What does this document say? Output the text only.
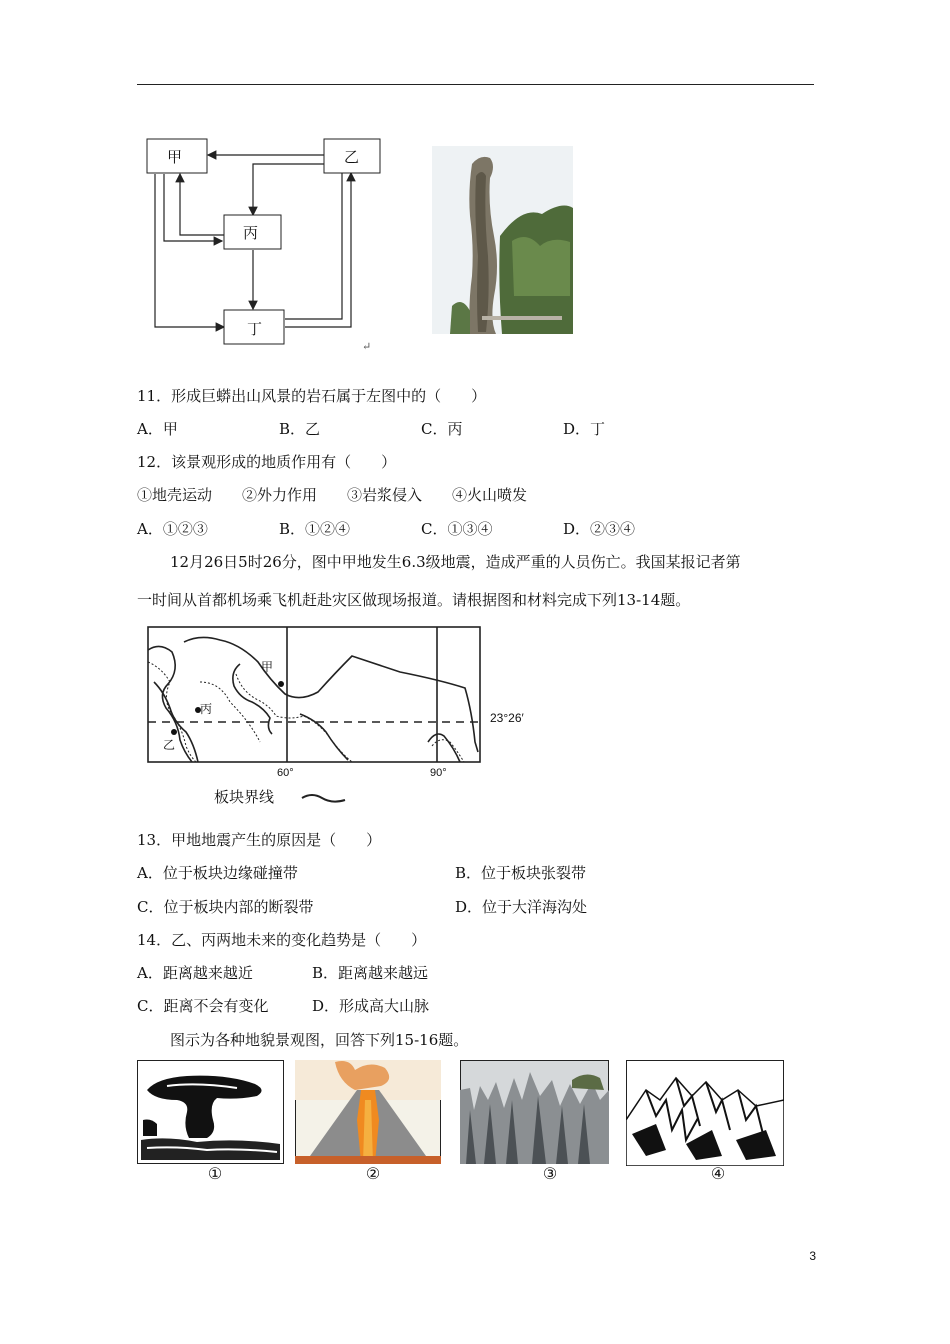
甲	乙
丙
丁
↵
11．形成巨蟒出山风景的岩石属于左图中的（　　）
A．甲	B．乙	C．丙	D．丁
12．该景观形成的地质作用有（　　）
①地壳运动　　②外力作用　　③岩浆侵入　　④火山喷发
A．①②③	B．①②④	C．①③④	D．②③④
12月26日5时26分，图中甲地发生6.3级地震，造成严重的人员伤亡。我国某报记者第
一时间从首都机场乘飞机赶赴灾区做现场报道。请根据图和材料完成下列13-14题。
甲
丙
乙
23°26′
60°	90°
板块界线
13．甲地地震产生的原因是（　　）
A．位于板块边缘碰撞带	B．位于板块张裂带
C．位于板块内部的断裂带	D．位于大洋海沟处
14．乙、丙两地未来的变化趋势是（　　）
A．距离越来越近	B．距离越来越远
C．距离不会有变化	D．形成高大山脉
图示为各种地貌景观图，回答下列15-16题。
①	②	③	④
3
